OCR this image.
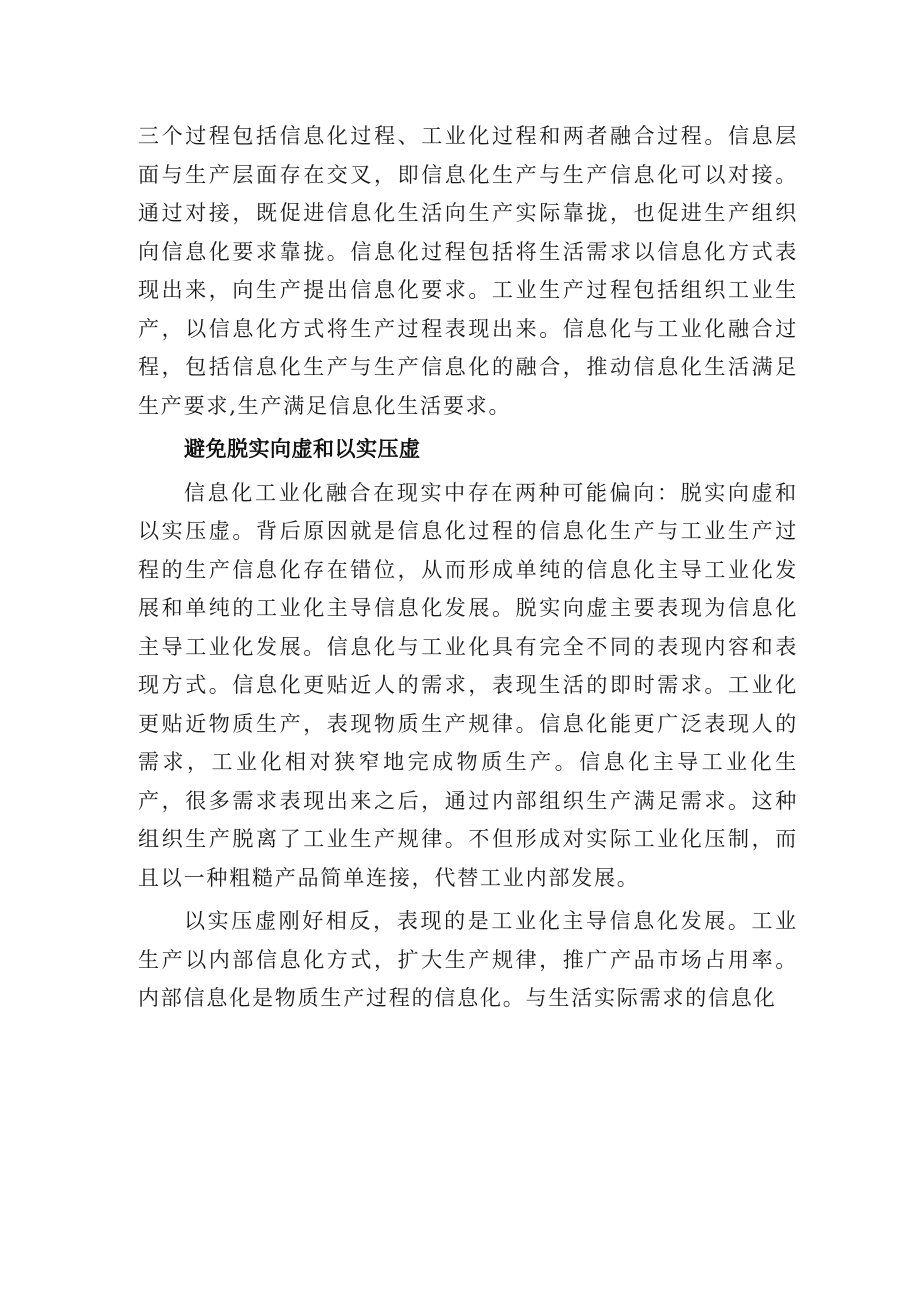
三个过程包括信息化过程、工业化过程和两者融合过程。信息层面与生产层面存在交叉，即信息化生产与生产信息化可以对接。通过对接，既促进信息化生活向生产实际靠拢，也促进生产组织向信息化要求靠拢。信息化过程包括将生活需求以信息化方式表现出来，向生产提出信息化要求。工业生产过程包括组织工业生产，以信息化方式将生产过程表现出来。信息化与工业化融合过程，包括信息化生产与生产信息化的融合，推动信息化生活满足生产要求,生产满足信息化生活要求。

避免脱实向虚和以实压虚

信息化工业化融合在现实中存在两种可能偏向：脱实向虚和以实压虚。背后原因就是信息化过程的信息化生产与工业生产过程的生产信息化存在错位，从而形成单纯的信息化主导工业化发展和单纯的工业化主导信息化发展。脱实向虚主要表现为信息化主导工业化发展。信息化与工业化具有完全不同的表现内容和表现方式。信息化更贴近人的需求，表现生活的即时需求。工业化更贴近物质生产，表现物质生产规律。信息化能更广泛表现人的需求，工业化相对狭窄地完成物质生产。信息化主导工业化生产，很多需求表现出来之后，通过内部组织生产满足需求。这种组织生产脱离了工业生产规律。不但形成对实际工业化压制，而且以一种粗糙产品简单连接，代替工业内部发展。

以实压虚刚好相反，表现的是工业化主导信息化发展。工业生产以内部信息化方式，扩大生产规律，推广产品市场占用率。内部信息化是物质生产过程的信息化。与生活实际需求的信息化
